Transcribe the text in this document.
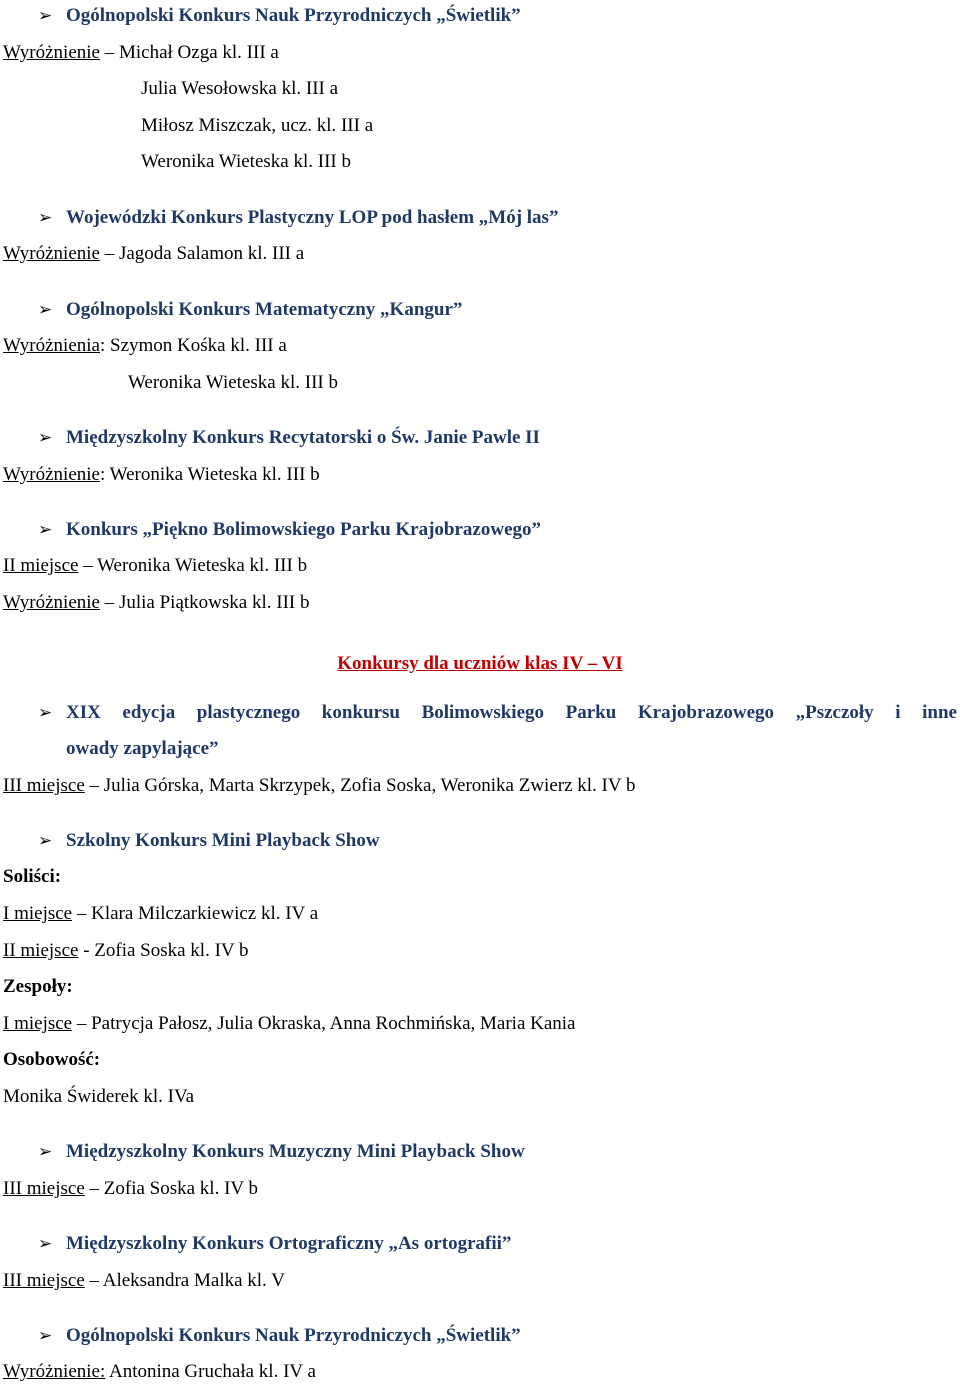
➢ Ogólnopolski Konkurs Nauk Przyrodniczych „Świetlik”
Wyróżnienie – Michał Ozga kl. III a
Julia Wesołowska kl. III a
Miłosz Miszczak, ucz. kl. III a
Weronika Wieteska kl. III b
➢ Wojewódzki Konkurs Plastyczny LOP pod hasłem „Mój las”
Wyróżnienie – Jagoda Salamon kl. III a
➢ Ogólnopolski Konkurs Matematyczny „Kangur”
Wyróżnienia: Szymon Kośka kl. III a
Weronika Wieteska kl. III b
➢ Międzyszkolny Konkurs Recytatorski o Św. Janie Pawle II
Wyróżnienie: Weronika Wieteska kl. III b
➢ Konkurs „Piękno Bolimowskiego Parku Krajobrazowego”
II miejsce – Weronika Wieteska kl. III b
Wyróżnienie – Julia Piątkowska kl. III b
Konkursy dla uczniów klas IV – VI
➢ XIX edycja plastycznego konkursu Bolimowskiego Parku Krajobrazowego „Pszczoły i inne
owady zapylające”
III miejsce – Julia Górska, Marta Skrzypek, Zofia Soska, Weronika Zwierz kl. IV b
➢ Szkolny Konkurs Mini Playback Show
Soliści:
I miejsce – Klara Milczarkiewicz kl. IV a
II miejsce - Zofia Soska kl. IV b
Zespoły:
I miejsce – Patrycja Pałosz, Julia Okraska, Anna Rochmińska, Maria Kania
Osobowość:
Monika Świderek kl. IVa
➢ Międzyszkolny Konkurs Muzyczny Mini Playback Show
III miejsce – Zofia Soska kl. IV b
➢ Międzyszkolny Konkurs Ortograficzny „As ortografii”
III miejsce – Aleksandra Malka kl. V
➢ Ogólnopolski Konkurs Nauk Przyrodniczych „Świetlik”
Wyróżnienie: Antonina Gruchała kl. IV a
